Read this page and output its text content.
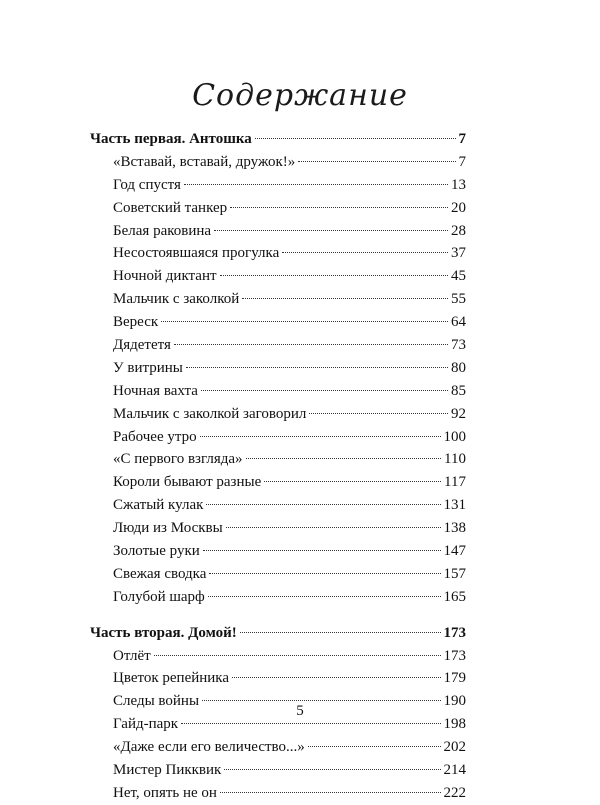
Содержание
Часть первая. Антошка	7
«Вставай, вставай, дружок!»	7
Год спустя	13
Советский танкер	20
Белая раковина	28
Несостоявшаяся прогулка	37
Ночной диктант	45
Мальчик с заколкой	55
Вереск	64
Дядететя	73
У витрины	80
Ночная вахта	85
Мальчик с заколкой заговорил	92
Рабочее утро	100
«С первого взгляда»	110
Короли бывают разные	117
Сжатый кулак	131
Люди из Москвы	138
Золотые руки	147
Свежая сводка	157
Голубой шарф	165
Часть вторая. Домой!	173
Отлёт	173
Цветок репейника	179
Следы войны	190
Гайд-парк	198
«Даже если его величество...»	202
Мистер Пикквик	214
Нет, опять не он	222
5
